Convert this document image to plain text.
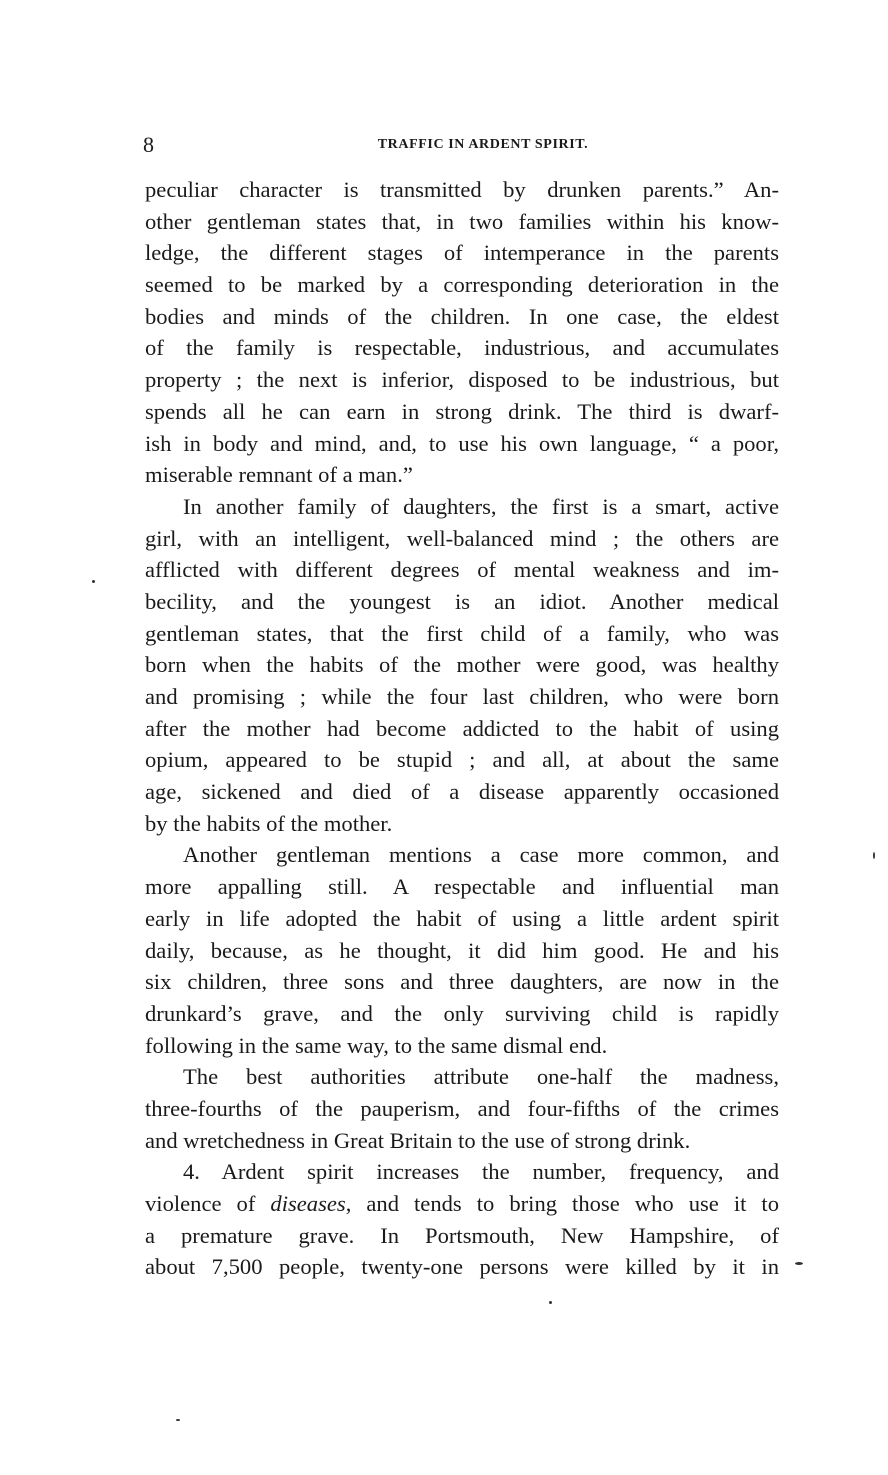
8	TRAFFIC IN ARDENT SPIRIT.
peculiar character is transmitted by drunken parents.” An-
other gentleman states that, in two families within his know-
ledge, the different stages of intemperance in the parents
seemed to be marked by a corresponding deterioration in the
bodies and minds of the children. In one case, the eldest
of the family is respectable, industrious, and accumulates
property ; the next is inferior, disposed to be industrious, but
spends all he can earn in strong drink. The third is dwarf-
ish in body and mind, and, to use his own language, “ a poor,
miserable remnant of a man.”
In another family of daughters, the first is a smart, active
girl, with an intelligent, well-balanced mind ; the others are
afflicted with different degrees of mental weakness and im-
becility, and the youngest is an idiot. Another medical
gentleman states, that the first child of a family, who was
born when the habits of the mother were good, was healthy
and promising ; while the four last children, who were born
after the mother had become addicted to the habit of using
opium, appeared to be stupid ; and all, at about the same
age, sickened and died of a disease apparently occasioned
by the habits of the mother.
Another gentleman mentions a case more common, and
more appalling still. A respectable and influential man
early in life adopted the habit of using a little ardent spirit
daily, because, as he thought, it did him good. He and his
six children, three sons and three daughters, are now in the
drunkard’s grave, and the only surviving child is rapidly
following in the same way, to the same dismal end.
The best authorities attribute one-half the madness,
three-fourths of the pauperism, and four-fifths of the crimes
and wretchedness in Great Britain to the use of strong drink.
4. Ardent spirit increases the number, frequency, and
violence of diseases, and tends to bring those who use it to
a premature grave. In Portsmouth, New Hampshire, of
about 7,500 people, twenty-one persons were killed by it in
